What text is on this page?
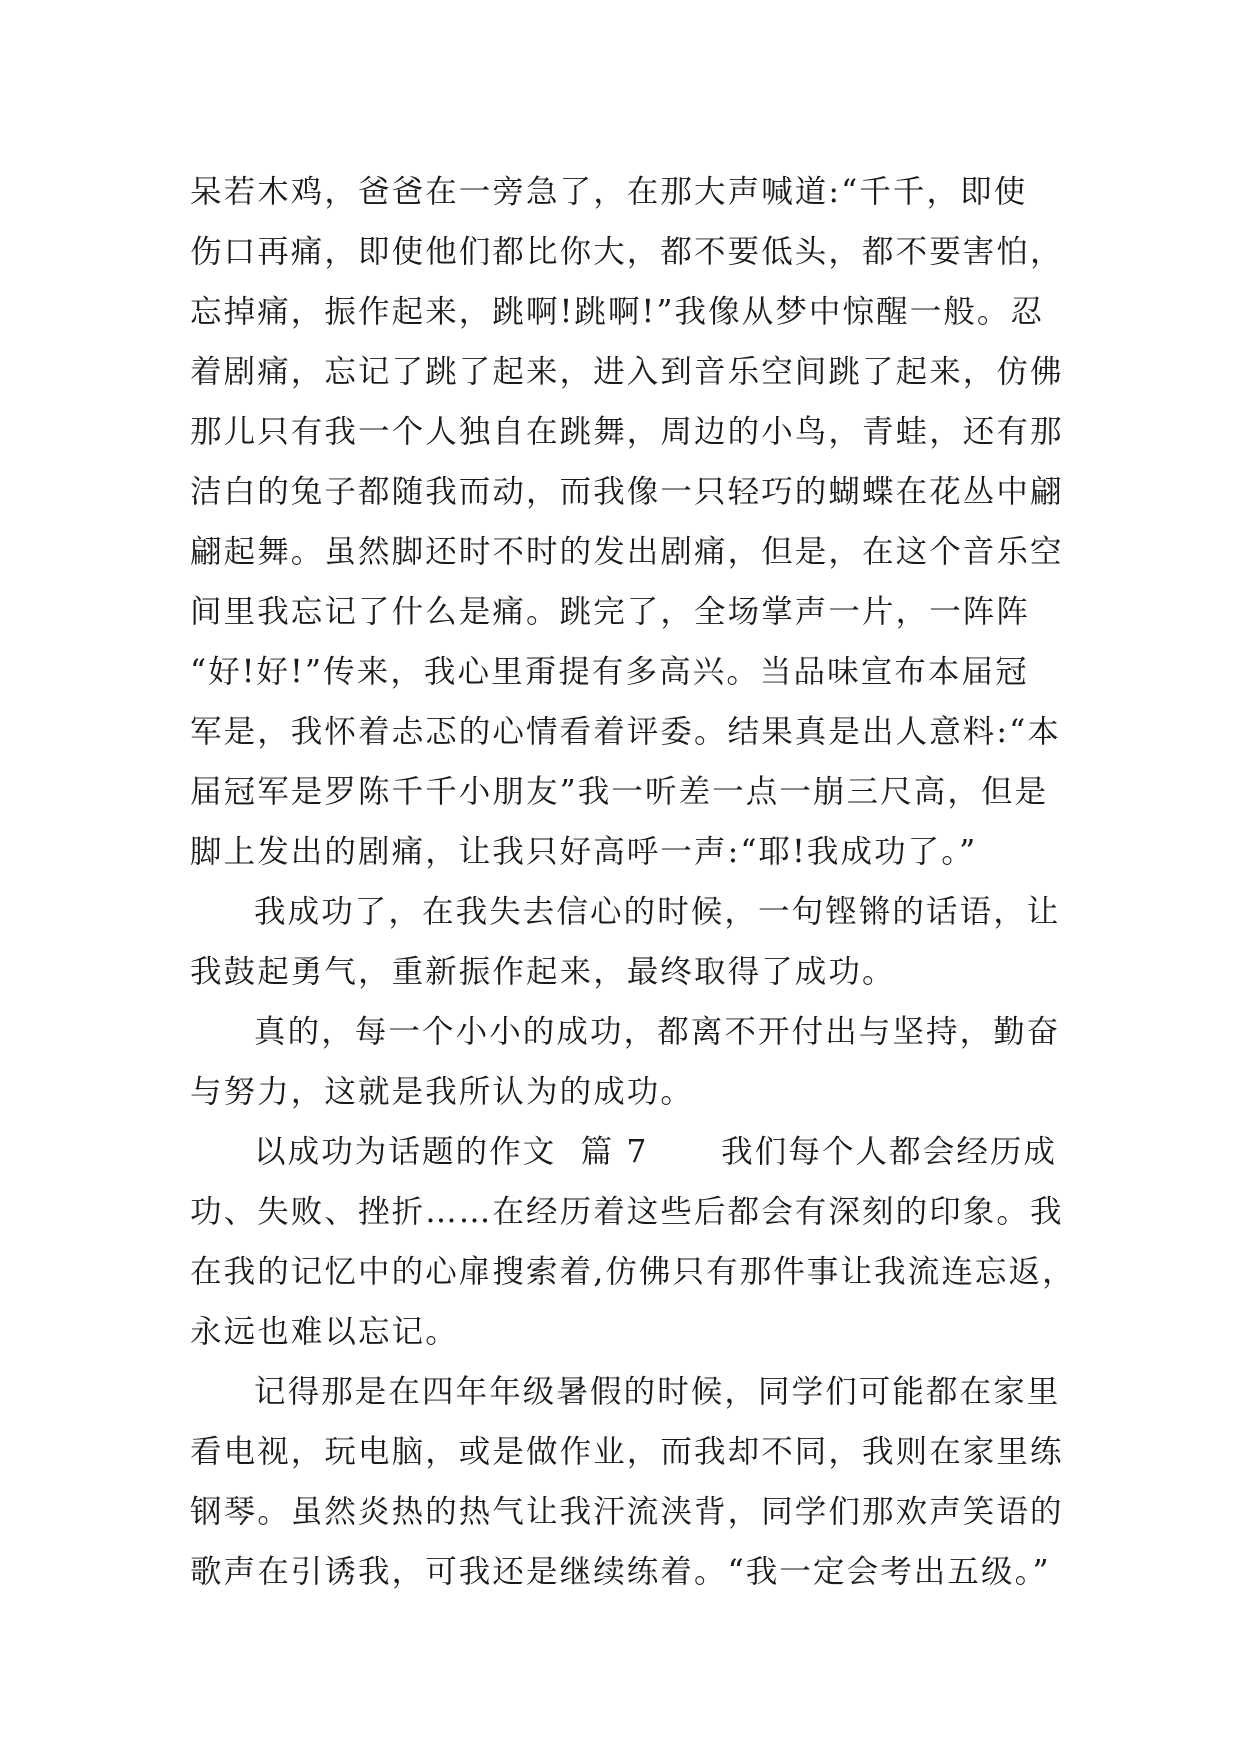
呆若木鸡，爸爸在一旁急了，在那大声喊道:“千千，即使
伤口再痛，即使他们都比你大，都不要低头，都不要害怕，
忘掉痛，振作起来，跳啊!跳啊!”我像从梦中惊醒一般。忍
着剧痛，忘记了跳了起来，进入到音乐空间跳了起来，仿佛
那儿只有我一个人独自在跳舞，周边的小鸟，青蛙，还有那
洁白的兔子都随我而动，而我像一只轻巧的蝴蝶在花丛中翩
翩起舞。虽然脚还时不时的发出剧痛，但是，在这个音乐空
间里我忘记了什么是痛。跳完了，全场掌声一片，一阵阵
“好!好!”传来，我心里甭提有多高兴。当品味宣布本届冠
军是，我怀着忐忑的心情看着评委。结果真是出人意料:“本
届冠军是罗陈千千小朋友”我一听差一点一崩三尺高，但是
脚上发出的剧痛，让我只好高呼一声:“耶!我成功了。”
我成功了，在我失去信心的时候，一句铿锵的话语，让
我鼓起勇气，重新振作起来，最终取得了成功。
真的，每一个小小的成功，都离不开付出与坚持，勤奋
与努力，这就是我所认为的成功。
以成功为话题的作文  篇 7      我们每个人都会经历成
功、失败、挫折……在经历着这些后都会有深刻的印象。我
在我的记忆中的心扉搜索着,仿佛只有那件事让我流连忘返，
永远也难以忘记。
记得那是在四年年级暑假的时候，同学们可能都在家里
看电视，玩电脑，或是做作业，而我却不同，我则在家里练
钢琴。虽然炎热的热气让我汗流浃背，同学们那欢声笑语的
歌声在引诱我，可我还是继续练着。“我一定会考出五级。”
